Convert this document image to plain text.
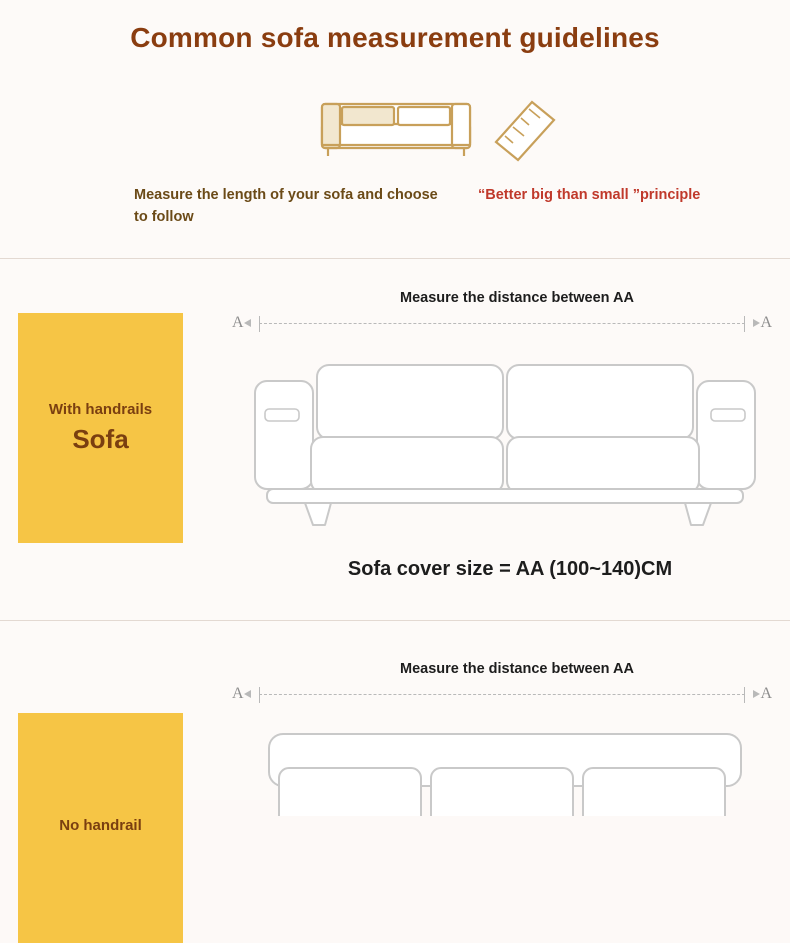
Common sofa measurement guidelines
Measure the length of your sofa and choose to follow
“Better big than small ”principle
With handrails
Sofa
Measure the distance between AA
A	A
Sofa cover size = AA (100~140)CM
No handrail
Measure the distance between AA
A	A
